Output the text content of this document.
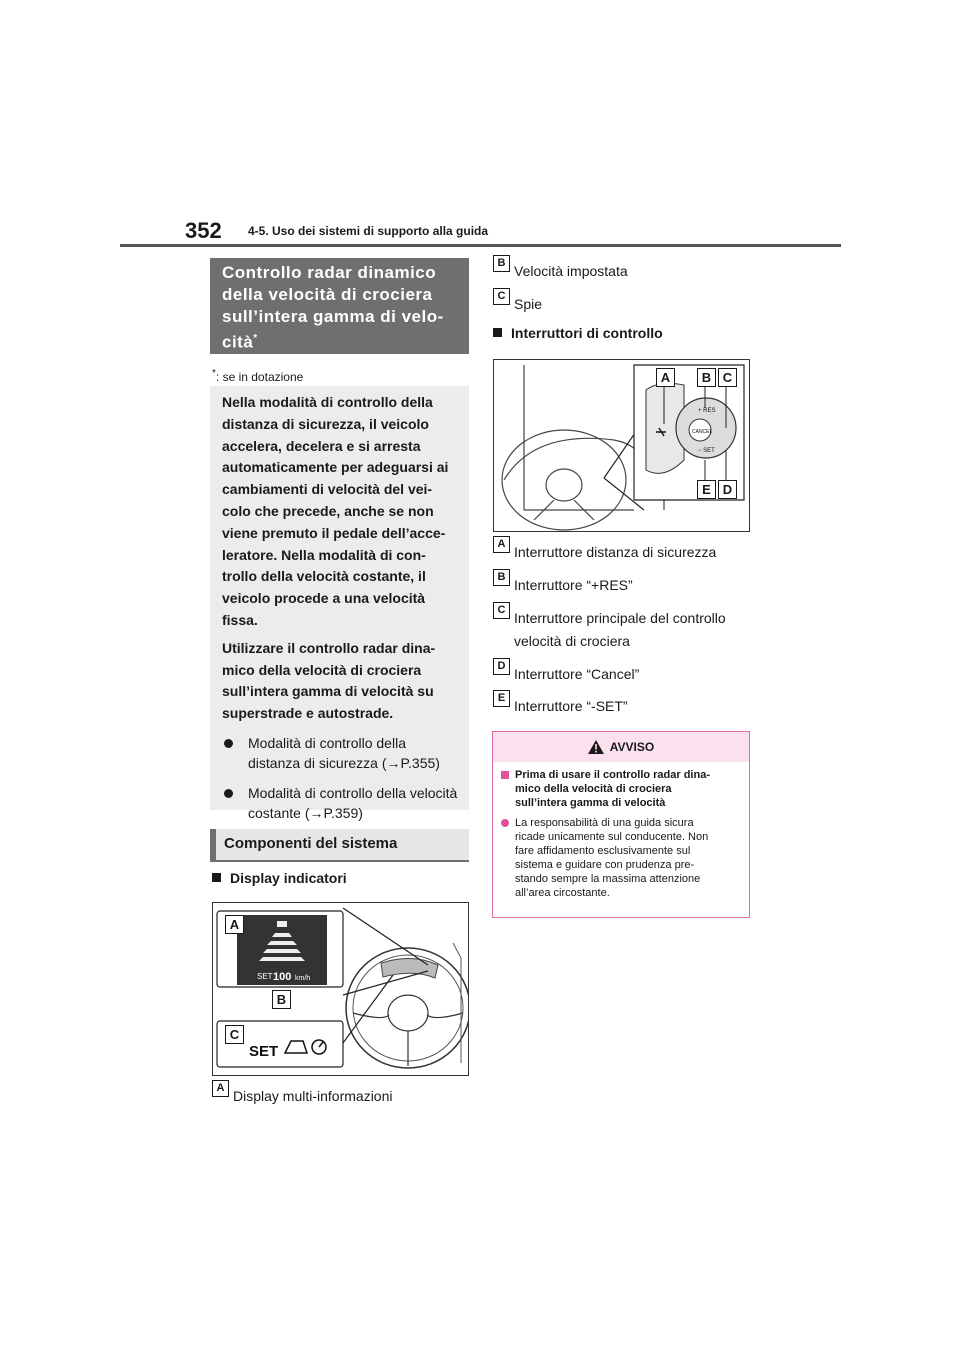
352 4-5. Uso dei sistemi di supporto alla guida
Controllo radar dinamico
della velocità di crociera
sull’intera gamma di velo-
cità*
*: se in dotazione

Nella modalità di controllo della

distanza di sicurezza, il veicolo

accelera, decelera e si arresta

automaticamente per adeguarsi ai

cambiamenti di velocità del vei-

colo che precede, anche se non

viene premuto il pedale dell’acce-

leratore. Nella modalità di con-

trollo della velocità costante, il

veicolo procede a una velocità

fissa.

Utilizzare il controllo radar dina-

mico della velocità di crociera

sull’intera gamma di velocità su

superstrade e autostrade.

Modalità di controllo della
distanza di sicurezza (→P.355)
Modalità di controllo della velocità
costante (→P.359)
Componenti del sistema
Display indicatori
SET 100 km/h
SET
A
B
C
A Display multi-informazioni
B Velocità impostata
C Spie
Interruttori di controllo
CANCEL
+ RES
− SET
A	B C
E D
A Interruttore distanza di sicurezza
B Interruttore “+RES”
C Interruttore principale del controllo
velocità di crociera
D Interruttore “Cancel”
E Interruttore “-SET”
AVVISO
Prima di usare il controllo radar dina-
mico della velocità di crociera
sull’intera gamma di velocità
La responsabilità di una guida sicura
ricade unicamente sul conducente. Non
fare affidamento esclusivamente sul
sistema e guidare con prudenza pre-
stando sempre la massima attenzione
all’area circostante.
